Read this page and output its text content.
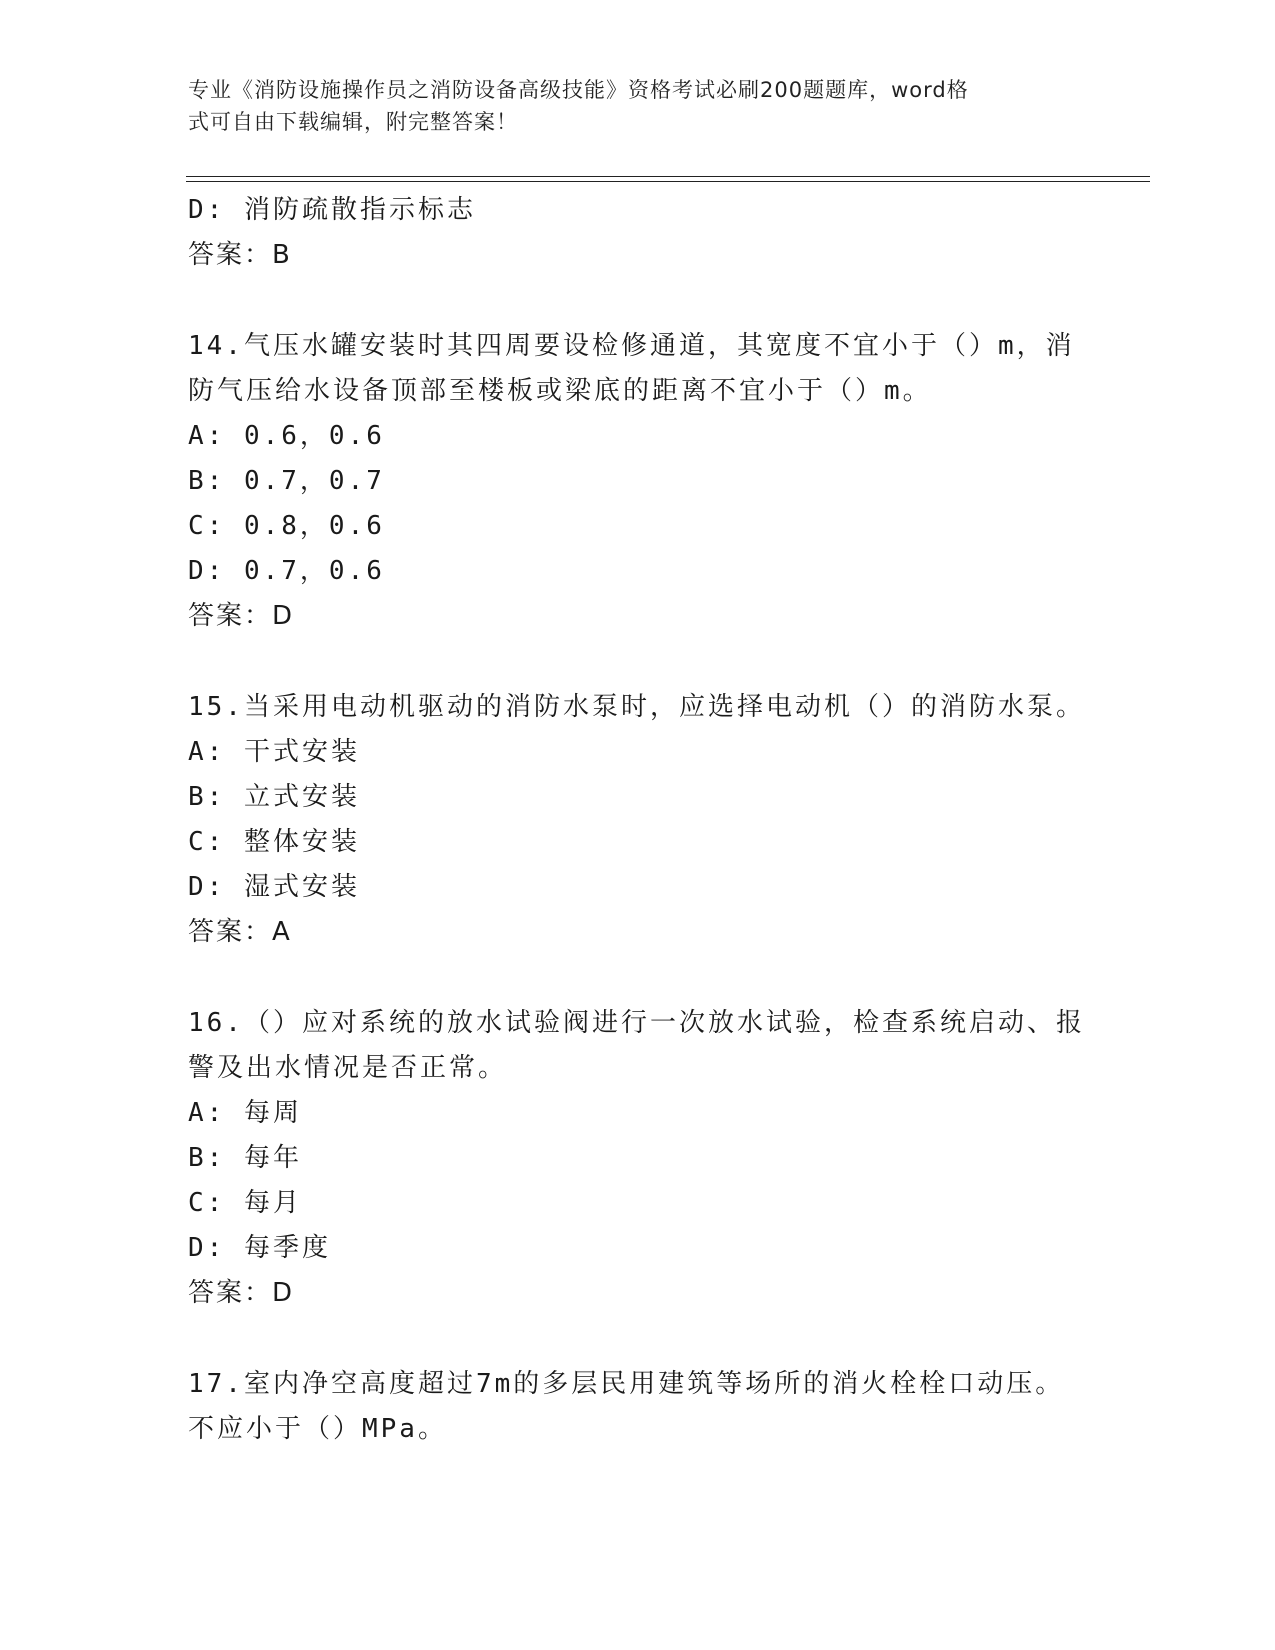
专业《消防设施操作员之消防设备高级技能》资格考试必刷200题题库，word格
式可自由下载编辑，附完整答案！
D: 消防疏散指示标志
答案：B
14.气压水罐安装时其四周要设检修通道，其宽度不宜小于（）m，消
防气压给水设备顶部至楼板或梁底的距离不宜小于（）m。
A: 0.6，0.6
B: 0.7，0.7
C: 0.8，0.6
D: 0.7，0.6
答案：D
15.当采用电动机驱动的消防水泵时，应选择电动机（）的消防水泵。
A: 干式安装
B: 立式安装
C: 整体安装
D: 湿式安装
答案：A
16.（）应对系统的放水试验阀进行一次放水试验，检查系统启动、报
警及出水情况是否正常。
A: 每周
B: 每年
C: 每月
D: 每季度
答案：D
17.室内净空高度超过7m的多层民用建筑等场所的消火栓栓口动压。
不应小于（）MPa。
